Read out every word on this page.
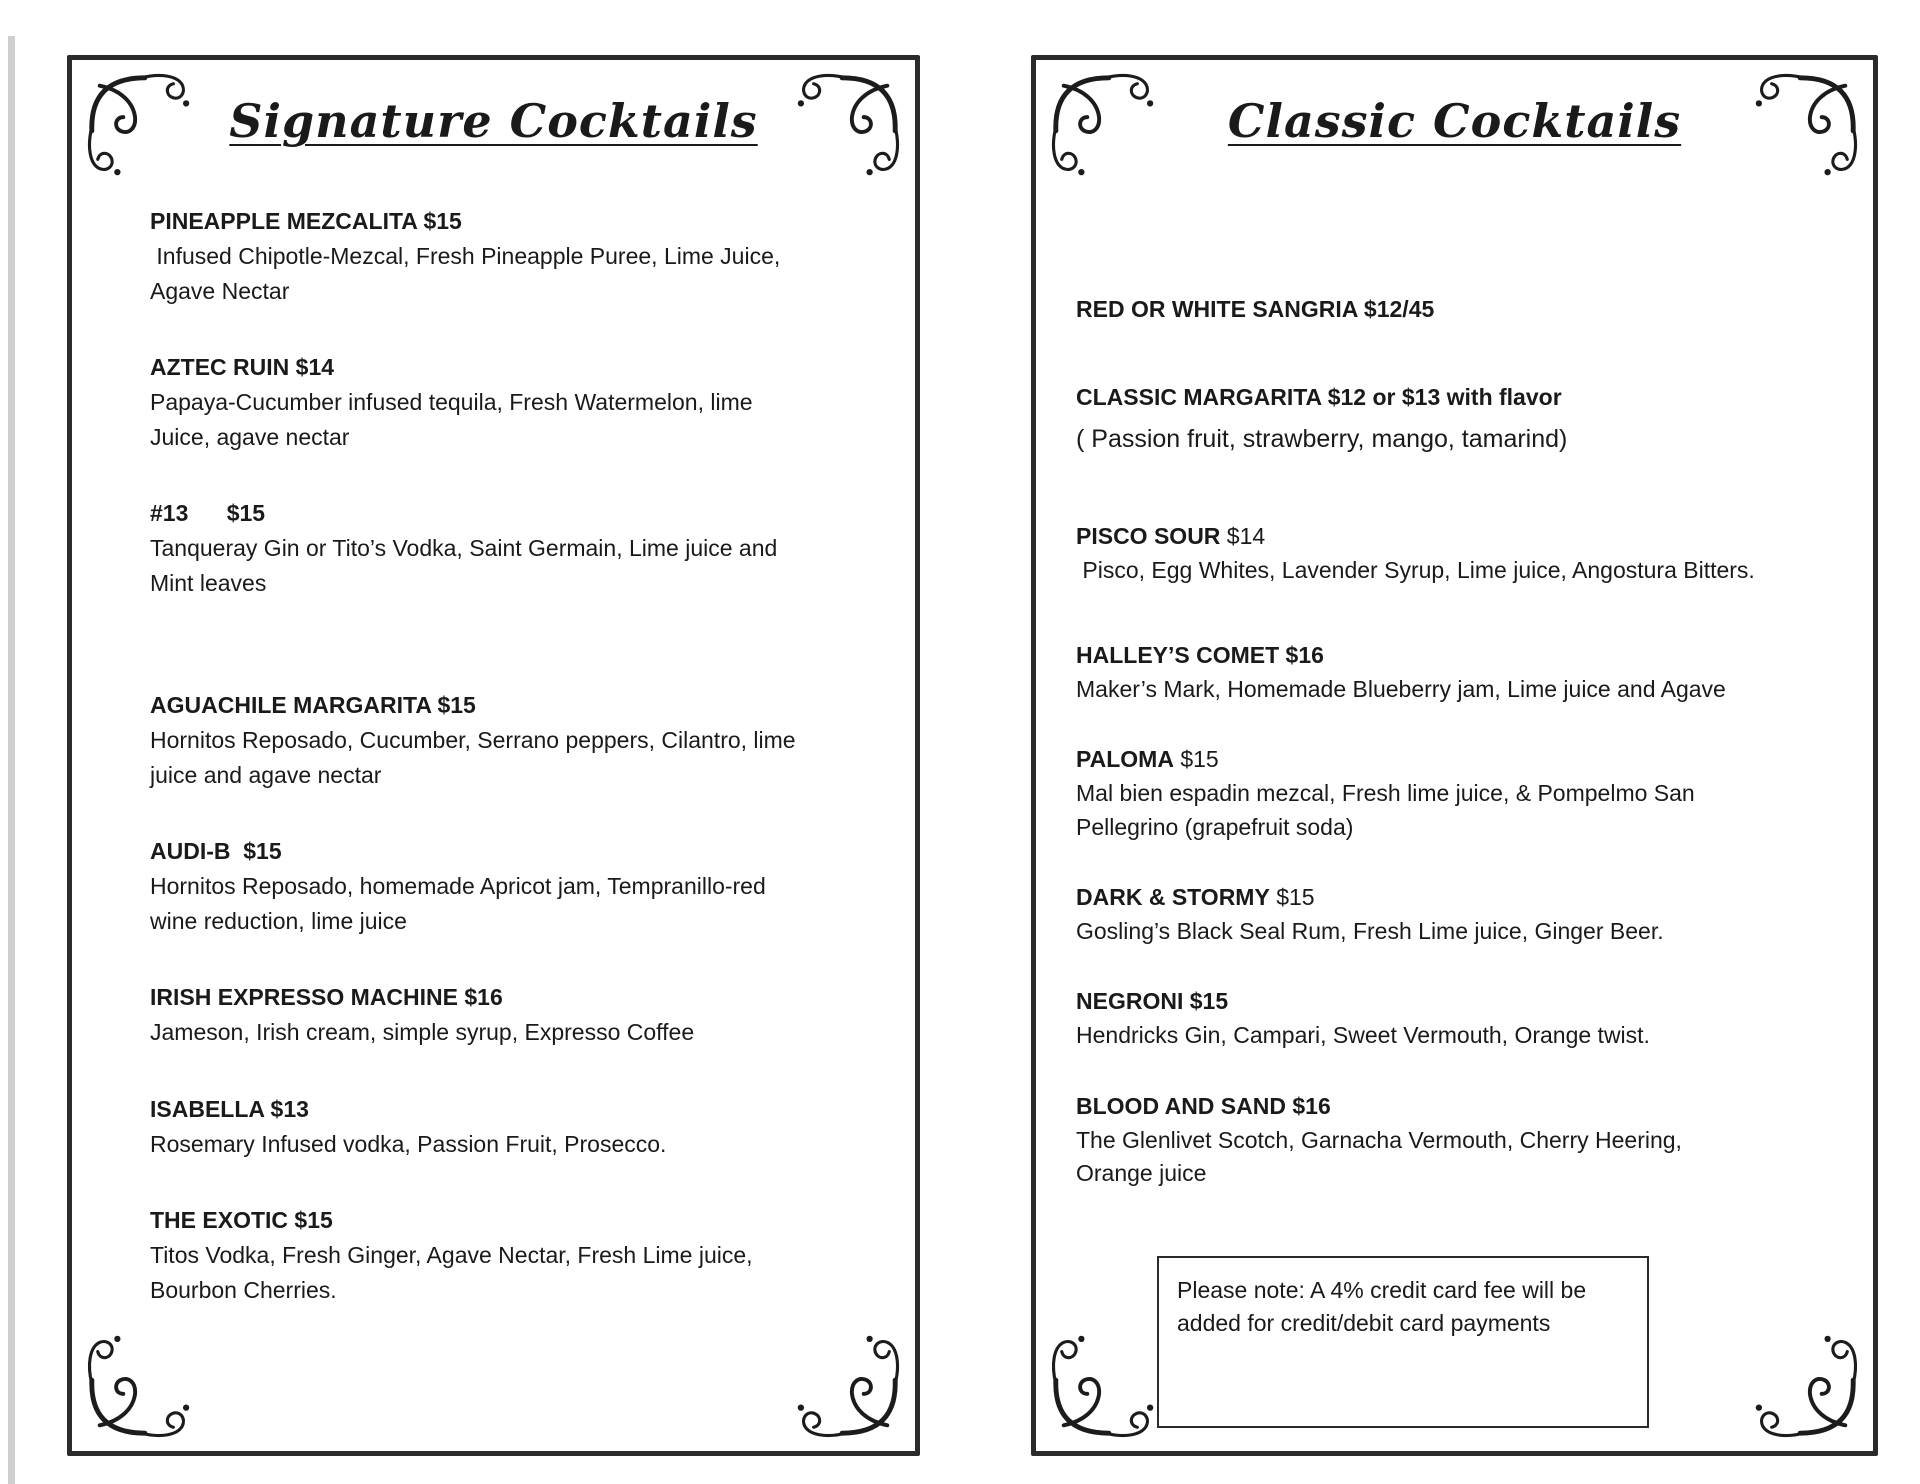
Signature Cocktails
PINEAPPLE MEZCALITA $15
Infused Chipotle-Mezcal, Fresh Pineapple Puree, Lime Juice, Agave Nectar
AZTEC RUIN $14
Papaya-Cucumber infused tequila, Fresh Watermelon, lime Juice, agave nectar
#13      $15
Tanqueray Gin or Tito’s Vodka, Saint Germain, Lime juice and Mint leaves
AGUACHILE MARGARITA $15
Hornitos Reposado, Cucumber, Serrano peppers, Cilantro, lime juice and agave nectar
AUDI-B  $15
Hornitos Reposado, homemade Apricot jam, Tempranillo-red wine reduction, lime juice
IRISH EXPRESSO MACHINE $16
Jameson, Irish cream, simple syrup, Expresso Coffee
ISABELLA $13
Rosemary Infused vodka, Passion Fruit, Prosecco.
THE EXOTIC $15
Titos Vodka, Fresh Ginger, Agave Nectar, Fresh Lime juice, Bourbon Cherries.
Classic Cocktails
RED OR WHITE SANGRIA $12/45
CLASSIC MARGARITA $12 or $13 with flavor
( Passion fruit, strawberry, mango, tamarind)
PISCO SOUR $14
Pisco, Egg Whites, Lavender Syrup, Lime juice, Angostura Bitters.
HALLEY’S COMET $16
Maker’s Mark, Homemade Blueberry jam, Lime juice and Agave
PALOMA $15
Mal bien espadin mezcal, Fresh lime juice, & Pompelmo San Pellegrino (grapefruit soda)
DARK & STORMY $15
Gosling’s Black Seal Rum, Fresh Lime juice, Ginger Beer.
NEGRONI $15
Hendricks Gin, Campari, Sweet Vermouth, Orange twist.
BLOOD AND SAND $16
The Glenlivet Scotch, Garnacha Vermouth, Cherry Heering, Orange juice
Please note: A 4% credit card fee will be added for credit/debit card payments
